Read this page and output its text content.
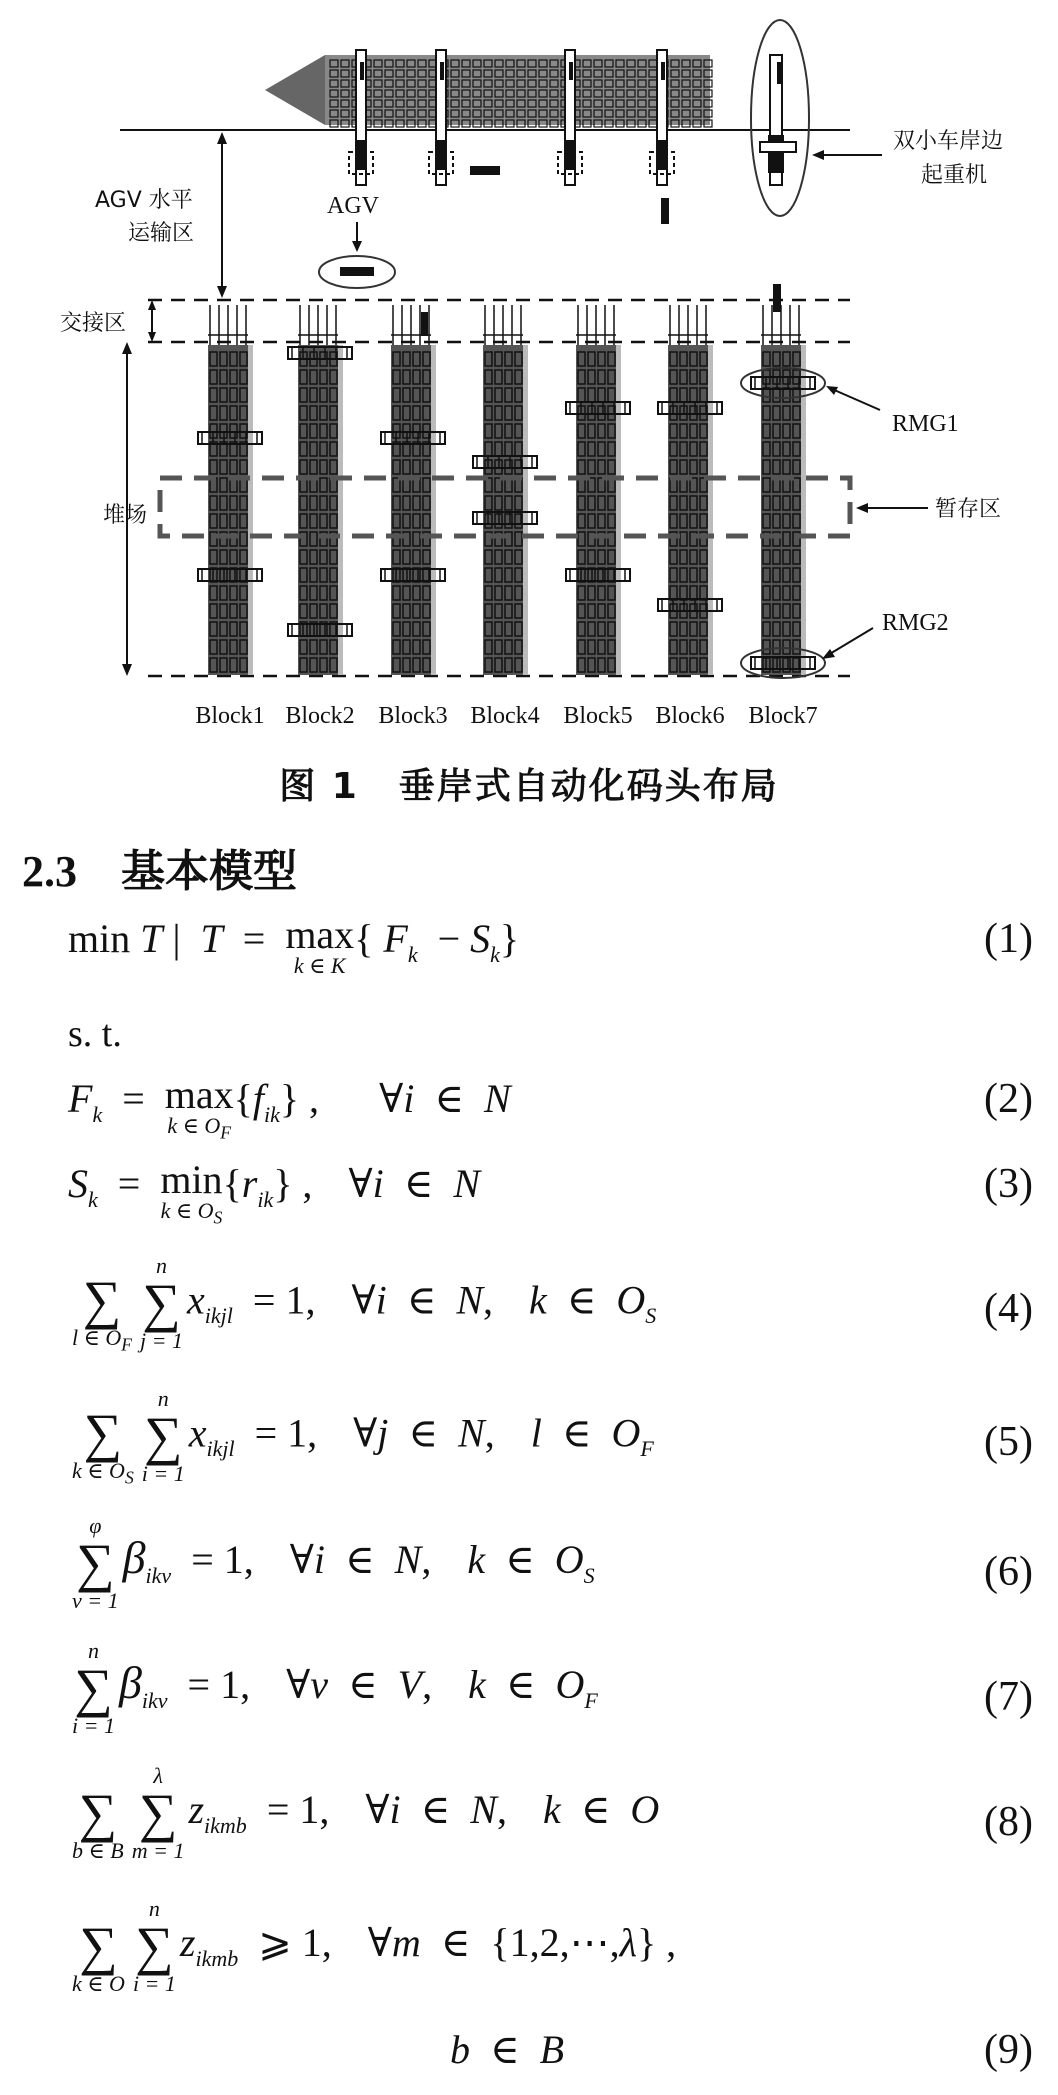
双小车岸边
起重机
AGV
AGV 水平
运输区
交接区
堆场	暂存区
RMG1
RMG2
Block1 Block2 Block3 Block4 Block5 Block6 Block7
图 1 垂岸式自动化码头布局
2.3 基本模型
min T |  T  = max
k ∈ K
{ $F_k - S_k$}	(1)
s. t.
$F_k = \max$
k ∈ $O_F$
$\{f_{ik}\}$ , ∀i  ∈  N	(2)
$S_k = \min$
k ∈ $O_S$
$\{r_{ik}\}$ , ∀i  ∈  N	(3)

∑
l ∈ $O_F$
n
∑
j = 1
$x_{ikjl} = 1$, ∀i  ∈  N, k  ∈  $O_S$	(4)

∑
k ∈ $O_S$
n
∑
i = 1
$x_{ikjl} = 1$, ∀j  ∈  N, l  ∈  $O_F$	(5)
φ
∑
v = 1
$\beta_{ikv} = 1$, ∀i  ∈  N, k  ∈  $O_S$	(6)
n
∑
i = 1
$\beta_{ikv} = 1$, ∀v  ∈  V, k  ∈  $O_F$	(7)

∑
b ∈ B
λ
∑
m = 1
$z_{ikmb} = 1$, ∀i  ∈  N, k  ∈  O	(8)

∑
k ∈ O
n
∑
i = 1
$z_{ikmb}$  ⩾ 1, ∀m  ∈  {1,2,⋯,λ} ,
b  ∈  B	(9)
